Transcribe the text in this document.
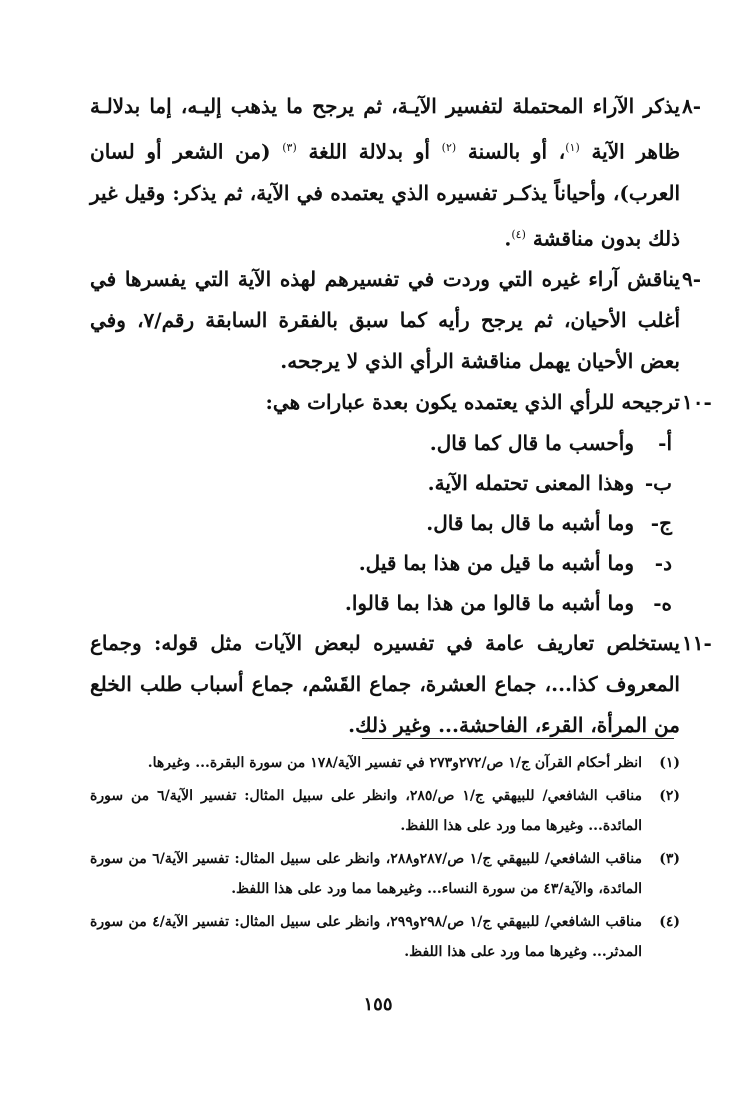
-٨
يذكر الآراء المحتملة لتفسير الآيـة، ثم يرجح ما يذهب إليـه، إما بدلالـة ظاهر الآية $^{(١)}$، أو بالسنة $^{(٢)}$ أو بدلالة اللغة $^{(٣)}$ (من الشعر أو لسان العرب)، وأحياناً يذكـر تفسيره الذي يعتمده في الآية، ثم يذكر: وقيل غير ذلك بدون مناقشة $^{(٤)}$.
-٩
يناقش آراء غيره التي وردت في تفسيرهم لهذه الآية التي يفسرها في أغلب الأحيان، ثم يرجح رأيه كما سبق بالفقرة السابقة رقم/٧، وفي بعض الأحيان يهمل مناقشة الرأي الذي لا يرجحه.
-١٠
ترجيحه للرأي الذي يعتمده يكون بعدة عبارات هي:
أ-وأحسب ما قال كما قال.
ب-وهذا المعنى تحتمله الآية.
ج-وما أشبه ما قال بما قال.
د-وما أشبه ما قيل من هذا بما قيل.
ه-وما أشبه ما قالوا من هذا بما قالوا.
-١١
يستخلص تعاريف عامة في تفسيره لبعض الآيات مثل قوله: وجماع المعروف كذا...، جماع العشرة، جماع القَسْم، جماع أسباب طلب الخلع من المرأة، القرء، الفاحشة... وغير ذلك.
(١)
انظر أحكام القرآن ج/١ ص/٢٧٢و٢٧٣ في تفسير الآية/١٧٨ من سورة البقرة... وغيرها.
(٢)
مناقب الشافعي/ للبيهقي ج/١ ص/٢٨٥، وانظر على سبيل المثال: تفسير الآية/٦ من سورة المائدة... وغيرها مما ورد على هذا اللفظ.
(٣)
مناقب الشافعي/ للبيهقي ج/١ ص/٢٨٧و٢٨٨، وانظر على سبيل المثال: تفسير الآية/٦ من سورة المائدة، والآية/٤٣ من سورة النساء... وغيرهما مما ورد على هذا اللفظ.
(٤)
مناقب الشافعي/ للبيهقي ج/١ ص/٢٩٨و٢٩٩، وانظر على سبيل المثال: تفسير الآية/٤ من سورة المدثر... وغيرها مما ورد على هذا اللفظ.
١٥٥
